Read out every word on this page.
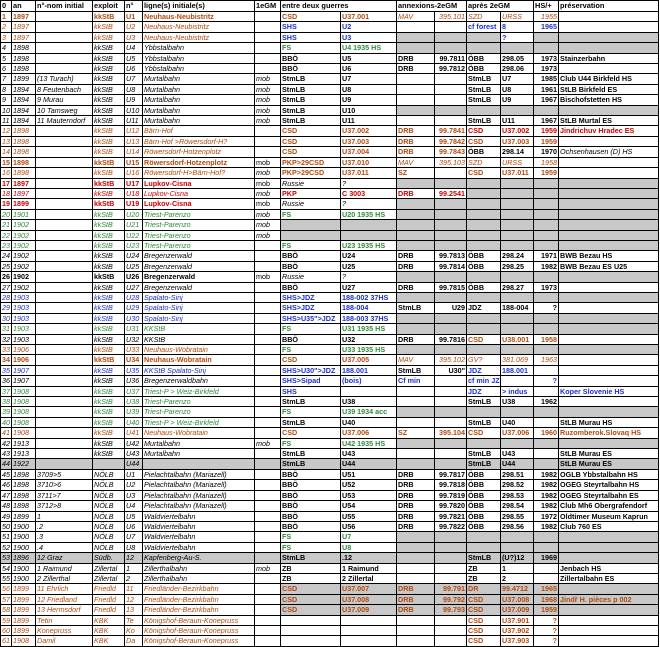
0	an	n°-nom initial	exploit	n°	ligne(s) initiale(s)	1eGM	entre deux guerres		annexions-2eGM		après 2eGM		HS/+	préservation
1	1897		kkStB	U1	Neuhaus-Neubistritz		CSD	U37.001	MAV	395.101	SZD	URSS	1955	
2	1897		kkStB	U2	Neuhaus-Neubistritz		SHS	U2			cf forest	8	1965	
3	1897		kkStB	U3	Neuhaus-Neubistritz		SHS	U3				?		
4	1898		kkStB	U4	Ybbstalbahn		FS	U4 1935 HS						
5	1898		kkStB	U5	Ybbstalbahn		BBÖ	U5	DRB	99.7811	ÖBB	298.05	1973	Stainzerbahn
6	1898		kkStB	U6	Ybbstalbahn		BBÖ	U6	DRB	99.7812	ÖBB	298.06	1973	
7	1899	(13 Turach)	kkStB	U7	Murtalbahn	mob	StmLB	U7			StmLB	U7	1985	Club U44 Birkfeld HS
8	1894	8 Feutenbach	kkStB	U8	Murtalbahn	mob	StmLB	U8			StmLB	U8	1961	StLB Birkfeld ES
9	1894	9 Murau	kkStB	U9	Murtalbahn	mob	StmLB	U9			StmLB	U9	1967	Bischofstetten HS
10	1894	10 Tamsweg	kkStB	U10	Murtalbahn	mob	StmLB	U10						
11	1894	11 Mauterndorf	kkStB	U11	Murtalbahn	mob	StmLB	U11			StmLB	U11	1967	StLB Murtal ES
12	1898		kkStB	U12	Bärn-Hof		CSD	U37.002	DRB	99.7841	CSD	U37.002	1959	Jindrichuv Hradec ES
13	1898		kkStB	U13	Bärn-Hof >Röwersdorf-H?		CSD	U37.003	DRB	99.7842	CSD	U37.003	1959	
14	1898		kkStB	U14	Röwersdorf-Hotzenplotz		CSD	U37.004	DRB	99.7843	ÖBB	298.14	1970	Ochsenhausen (D) HS
15	1898		kkStB	U15	Röwersdorf-Hotzenplotz	mob	PKP>29CSD	U37.010	MAV	395.103	SZD	URSS	1958	
16	1898		kkStB	U16	Röwersdorf-H>Bärn-Hof?	mob	PKP>29CSD	U37.011	SZ		CSD	U37.011	1959	
17	1897		kkStB	U17	Lupkov-Cisna	mob	Russie	?						
18	1897		kkStB	U18	Lupkov-Cisna	mob	PKP	C 3003	DRB	99.2541				
19	1899		kkStB	U19	Lupkov-Cisna	mob	Russie	?						
20	1901		kkStB	U20	Triest-Parenzo	mob	FS	U20 1935 HS						
21	1902		kkStB	U21	Triest-Parenzo	mob								
22	1902		kkStB	U22	Triest-Parenzo	mob								
23	1902		kkStB	U23	Triest-Parenzo		FS	U23 1935 HS						
24	1902		kkStB	U24	Bregenzerwald		BBÖ	U24	DRB	99.7813	ÖBB	298.24	1971	BWB Bezau HS
25	1902		kkStB	U25	Bregenzerwald		BBÖ	U25	DRB	99.7814	ÖBB	298.25	1982	BWB Bezau ES U25
26	1902		kkStB	U26	Bregenzerwald	mob	Russie	?						
27	1902		kkStB	U27	Bregenzerwald		BBÖ	U27	DRB	99.7815	ÖBB	298.27	1973	
28	1903		kkStB	U28	Spalato-Sinj		SHS>JDZ	188-002 37HS						
29	1903		kkStB	U29	Spalato-Sinj		SHS>JDZ	188-004	StmLB	U29	JDZ	188-004	?	
30	1903		kkStB	U30	Spalato-Sinj		SHS>U35">JDZ	188-003 37HS						
31	1903		kkStB	U31	KKStB		FS	U31 1935 HS						
32	1903		kkStB	U32	KKStB		BBÖ	U32	DRB	99.7816	CSD	U38.001	1958	
33	1906		kkStB	U33	Neuhaus-Wobratain		FS	U33 1935 HS						
34	1906		kkStB	U34	Neuhaus-Wobratain		CSD	U37.005	MAV	395.102	GV?	381.069	1963	
35	1907		kkStB	U35	KKStB Spalato-Sinj		SHS>U30">JDZ	188.001	StmLB	U30"	JDZ	188.001		
36	1907		kkStB	U36	Bregenzerwaldbahn		SHS>Sipad	(bois)	Cf min		cf min JZ		?	
37	1908		kkStB	U37	Triest-P > Weiz-Birkfeld		SHS				JDZ	> indus		Koper Slovenie HS
38	1908		kkStB	U38	Triest-Parenzo		StmLB	U38			StmLB	U38	1962	
39	1908		kkStB	U39	Triest-Parenzo		FS	U39 1934 acc						
40	1908		kkStB	U40	Triest-P > Weiz-Birkfeld		StmLB	U40			StmLB	U40		StLB Murau HS
41	1908		kkStB	U41	Neuhaus-Wobratain		CSD	U37.006	SZ	395.104	CSD	U37.006	1960	Ruzomberok.Slovaq HS
42	1913		kkStB	U42	Murtalbahn	mob	FS	U42 1935 HS						
43	1913		kkStB	U43	Murtalbahn		StmLB	U43			StmLB	U43		StLB Murau ES
44	1922			U44			StmLB	U44			StmLB	U44		StLB Murau ES
45	1898	3709>5	NÖLB	U1	Pielachtalbahn (Mariazell)		BBÖ	U51	DRB	99.7817	ÖBB	298.51	1982	OGLB Ybbstalbahn HS
46	1898	3710>6	NÖLB	U2	Pielachtalbahn (Mariazell)		BBÖ	U52	DRB	99.7818	ÖBB	298.52	1982	OGEG Steyrtalbahn HS
47	1898	3711>7	NÖLB	U3	Pielachtalbahn (Mariazell)		BBÖ	U53	DRB	99.7819	ÖBB	298.53	1982	OGEG Steyrtalbahn ES
48	1898	3712>8	NÖLB	U4	Pielachtalbahn (Mariazell)		BBÖ	U54	DRB	99.7820	ÖBB	298.54	1982	Club Mh6 Obergrafendorf
49	1899	1	NÖLB	U5	Waldviertelbahn		BBÖ	U55	DRB	99.7821	ÖBB	298.55	1972	Oldtimer Museum Kaprun
50	1900	.2	NÖLB	U6	Waldviertelbahn		BBÖ	U56	DRB	99.7822	ÖBB	298.56	1982	Club 760 ES
51	1900	.3	NÖLB	U7	Waldviertelbahn		FS	U7						
52	1900	.4	NÖLB	U8	Waldviertelbahn		FS	U8						
53	1896	12 Graz	Südb.	12	Kapfenberg-Au-S.		StmLB	.12			StmLB	(U?)12	1969	
54	1900	1 Raimund	Zillertal	1	Zillerthalbahn	mob	ZB	1 Raimund			ZB	1		Jenbach HS
55	1900	2 Zillerthal	Zillertal	2	Zillerthalbahn		ZB	2 Zillertal			ZB	2		Zillertalbahn ES
56	1899	11 Ehrlich	Friedld	11	Friedländer-Bezirkbahn		CSD	U37.007	DRB	99.791	DR	99.4712	1965	
57	1899	12 Friedland	Friedld	12	Friedländer-Bezirkbahn		CSD	U37.008	DRB	99.792	CSD	U37.008	1968	Jindř H. pièces p 002
58	1899	13 Hermsdorf	Friedld	13	Friedländer-Bezirkbahn		CSD	U37.009	DRB	99.793	CSD	U37.009	1959	
59	1899	Tetin	KBK	Te	Königshof-Beraun-Konepruss						CSD	U37.901	?	
60	1899	Konepruss	KBK	Ko	Königshof-Beraun-Konepruss						CSD	U37.902	?	
61	1908	Damil	KBK	Da	Königshof-Beraun-Konepruss						CSD	U37.903	?	
